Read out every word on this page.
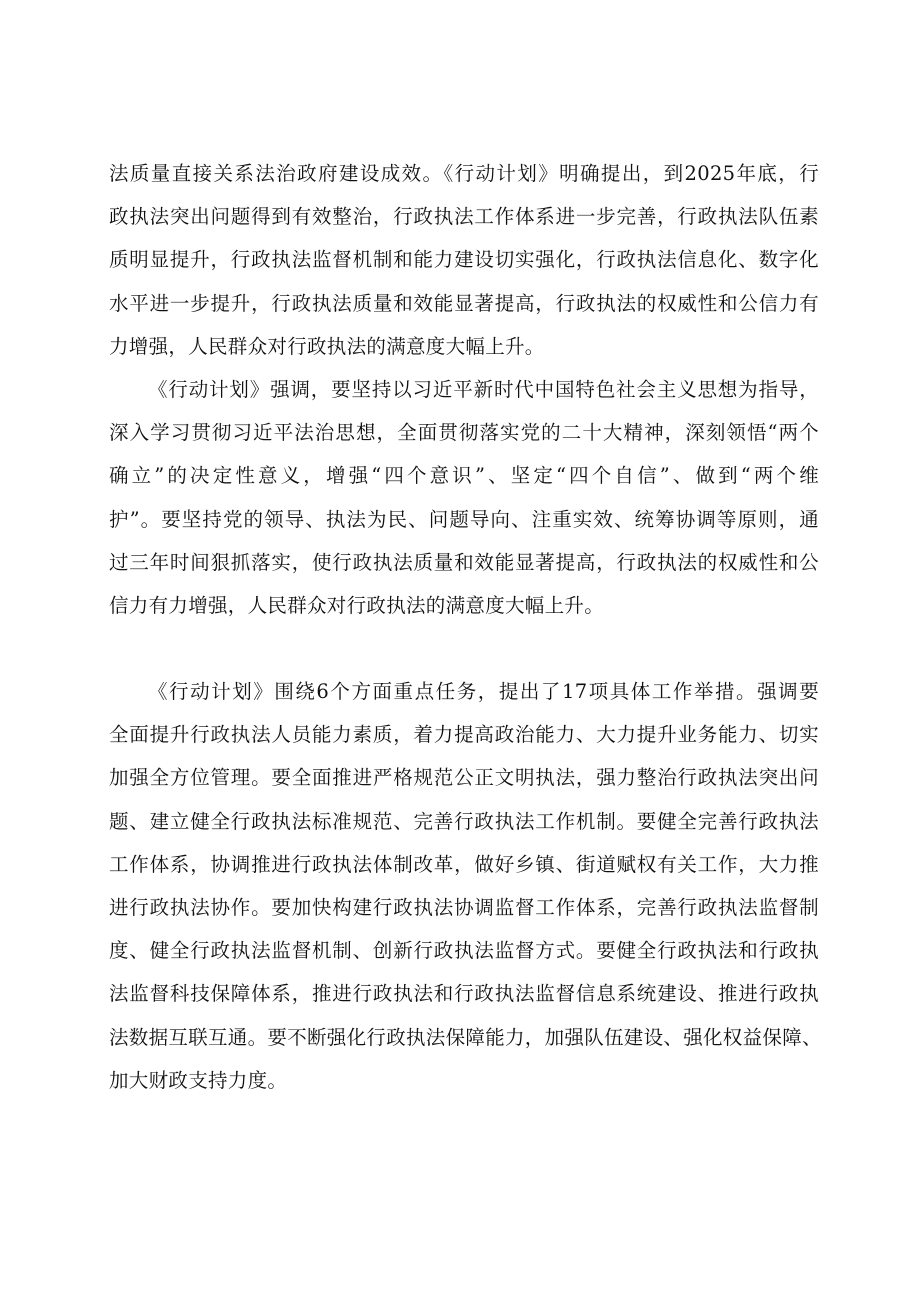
法质量直接关系法治政府建设成效。《行动计划》明确提出，到2025年底，行
政执法突出问题得到有效整治，行政执法工作体系进一步完善，行政执法队伍素
质明显提升，行政执法监督机制和能力建设切实强化，行政执法信息化、数字化
水平进一步提升，行政执法质量和效能显著提高，行政执法的权威性和公信力有
力增强，人民群众对行政执法的满意度大幅上升。
《行动计划》强调，要坚持以习近平新时代中国特色社会主义思想为指导，
深入学习贯彻习近平法治思想，全面贯彻落实党的二十大精神，深刻领悟“两个
确立”的决定性意义，增强“四个意识”、坚定“四个自信”、做到“两个维
护”。要坚持党的领导、执法为民、问题导向、注重实效、统筹协调等原则，通
过三年时间狠抓落实，使行政执法质量和效能显著提高，行政执法的权威性和公
信力有力增强，人民群众对行政执法的满意度大幅上升。
《行动计划》围绕6个方面重点任务，提出了17项具体工作举措。强调要
全面提升行政执法人员能力素质，着力提高政治能力、大力提升业务能力、切实
加强全方位管理。要全面推进严格规范公正文明执法，强力整治行政执法突出问
题、建立健全行政执法标准规范、完善行政执法工作机制。要健全完善行政执法
工作体系，协调推进行政执法体制改革，做好乡镇、街道赋权有关工作，大力推
进行政执法协作。要加快构建行政执法协调监督工作体系，完善行政执法监督制
度、健全行政执法监督机制、创新行政执法监督方式。要健全行政执法和行政执
法监督科技保障体系，推进行政执法和行政执法监督信息系统建设、推进行政执
法数据互联互通。要不断强化行政执法保障能力，加强队伍建设、强化权益保障、
加大财政支持力度。
